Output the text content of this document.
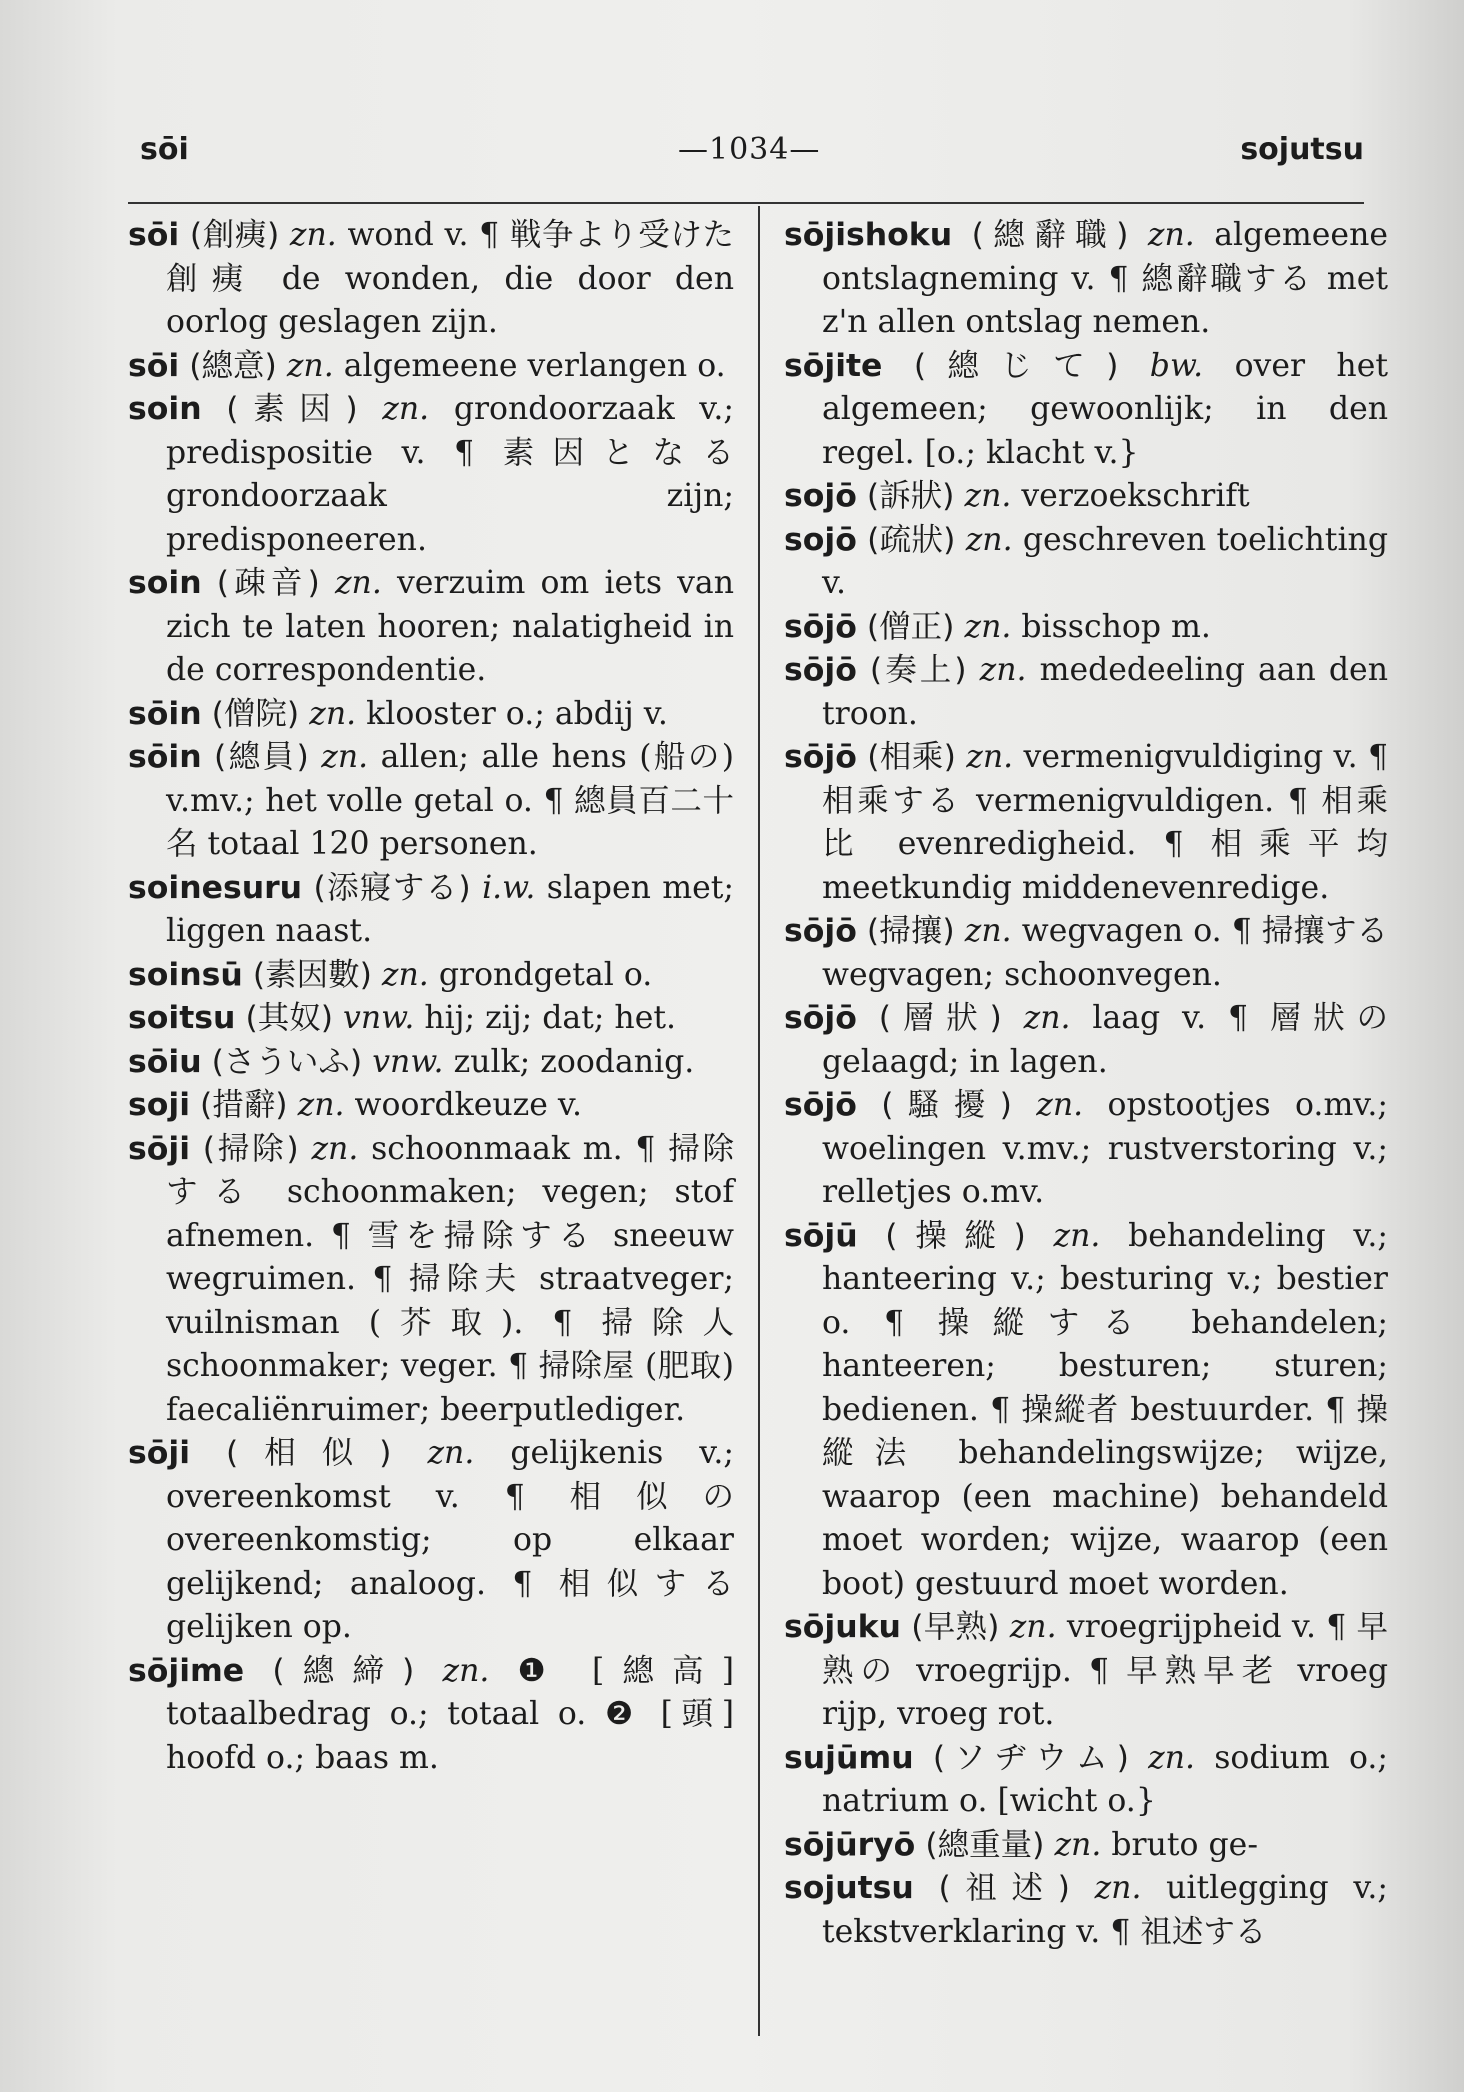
sōi	—1034—	sojutsu

sōi (創痍) zn. wond v. ¶ 戦争より受けた創痍 de wonden, die door den oorlog geslagen zijn.

sōi (總意) zn. algemeene verlangen o.

soin (素因) zn. grondoorzaak v.; predispositie v. ¶ 素因となる grondoorzaak zijn; predisponeeren.

soin (疎音) zn. verzuim om iets van zich te laten hooren; nalatigheid in de correspondentie.

sōin (僧院) zn. klooster o.; abdij v.

sōin (總員) zn. allen; alle hens (船の) v.mv.; het volle getal o. ¶ 總員百二十名 totaal 120 personen.

soinesuru (添寢する) i.w. slapen met; liggen naast.

soinsū (素因數) zn. grondgetal o.

soitsu (其奴) vnw. hij; zij; dat; het.

sōiu (さういふ) vnw. zulk; zoodanig.

soji (措辭) zn. woordkeuze v.

sōji (掃除) zn. schoonmaak m. ¶ 掃除する schoonmaken; vegen; stof afnemen. ¶ 雪を掃除する sneeuw wegruimen. ¶ 掃除夫 straatveger; vuilnisman (芥取). ¶ 掃除人 schoonmaker; veger. ¶ 掃除屋 (肥取) faecaliënruimer; beerputlediger.

sōji (相似) zn. gelijkenis v.; overeenkomst v. ¶ 相似の overeenkomstig; op elkaar gelijkend; analoog. ¶ 相似する gelijken op.

sōjime (總締) zn. ❶ [總高] totaalbedrag o.; totaal o. ❷ [頭] hoofd o.; baas m.

sōjishoku (總辭職) zn. algemeene ontslagneming v. ¶ 總辭職する met z'n allen ontslag nemen.

sōjite (總じて) bw. over het algemeen; gewoonlijk; in den regel. [o.; klacht v.}

sojō (訴狀) zn. verzoekschrift

sojō (疏狀) zn. geschreven toelichting v.

sōjō (僧正) zn. bisschop m.

sōjō (奏上) zn. mededeeling aan den troon.

sōjō (相乘) zn. vermenigvuldiging v. ¶ 相乘する vermenigvuldigen. ¶ 相乘比 evenredigheid. ¶ 相乘平均 meetkundig middenevenredige.

sōjō (掃攘) zn. wegvagen o. ¶ 掃攘する wegvagen; schoonvegen.

sōjō (層狀) zn. laag v. ¶ 層狀の gelaagd; in lagen.

sōjō (騷擾) zn. opstootjes o.mv.; woelingen v.mv.; rustverstoring v.; relletjes o.mv.

sōjū (操縱) zn. behandeling v.; hanteering v.; besturing v.; bestier o. ¶ 操縱する behandelen; hanteeren; besturen; sturen; bedienen. ¶ 操縱者 bestuurder. ¶ 操縱法 behandelingswijze; wijze, waarop (een machine) behandeld moet worden; wijze, waarop (een boot) gestuurd moet worden.

sōjuku (早熟) zn. vroegrijpheid v. ¶ 早熟の vroegrijp. ¶ 早熟早老 vroeg rijp, vroeg rot.

sujūmu (ソヂウム) zn. sodium o.; natrium o. [wicht o.}

sōjūryō (總重量) zn. bruto ge-

sojutsu (祖述) zn. uitlegging v.; tekstverklaring v. ¶ 祖述する
